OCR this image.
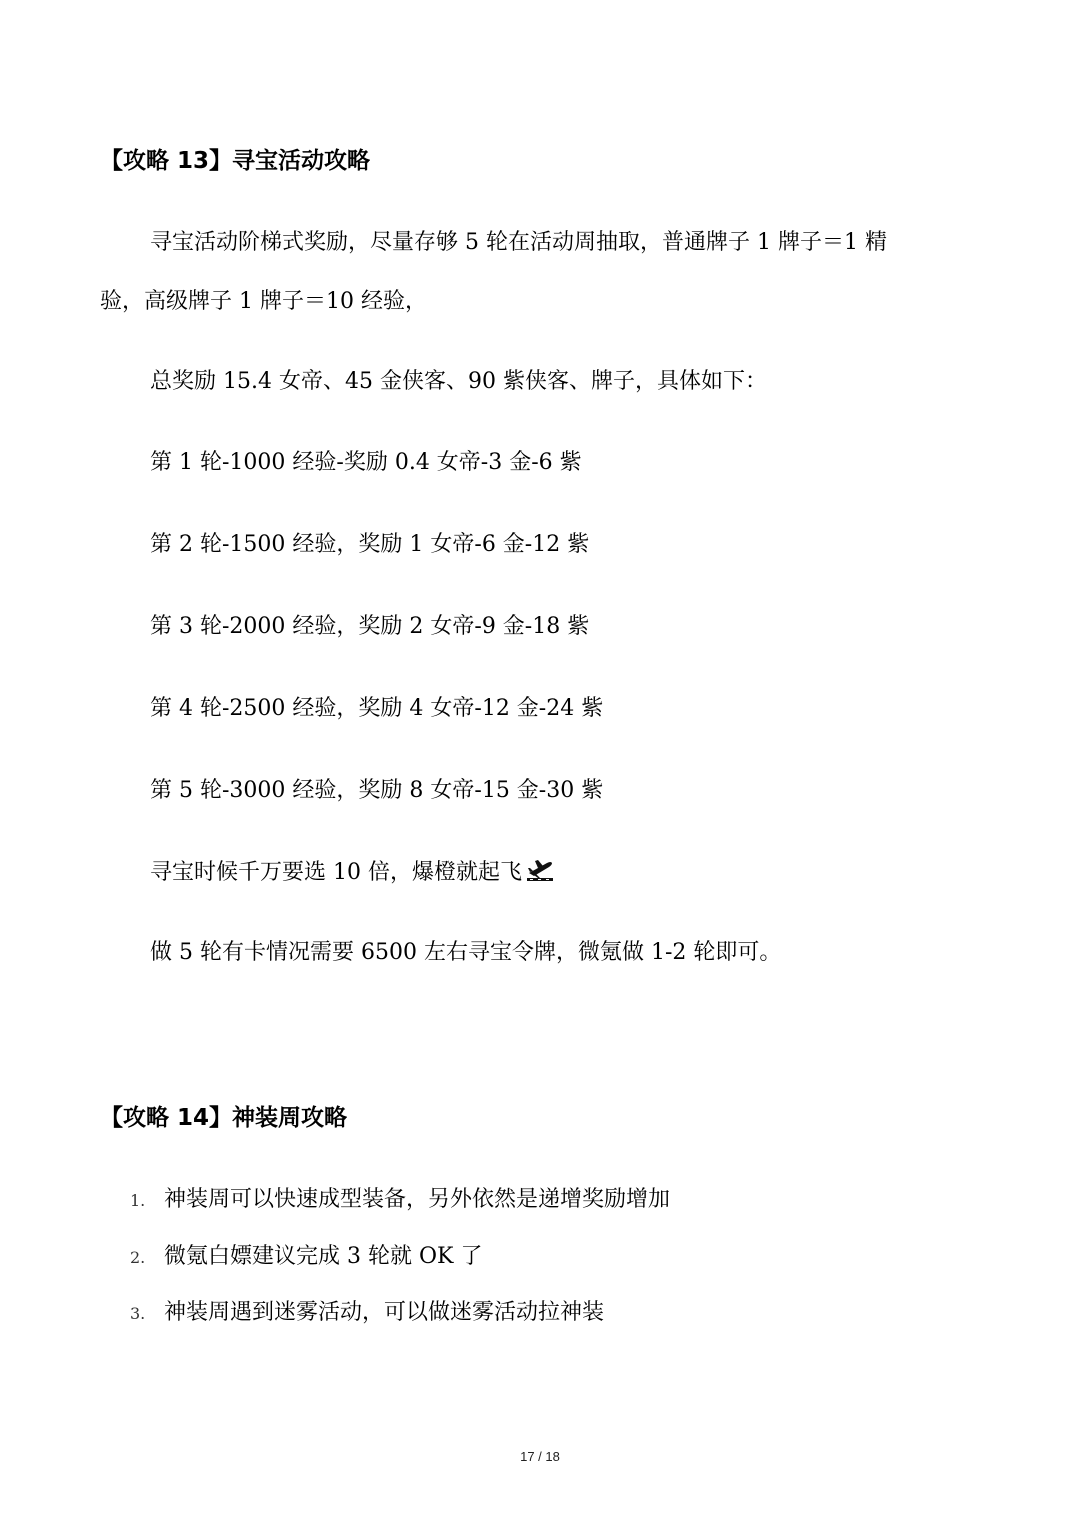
【攻略 13】寻宝活动攻略
寻宝活动阶梯式奖励，尽量存够 5 轮在活动周抽取，普通牌子 1 牌子＝1 精
验，高级牌子 1 牌子＝10 经验，
总奖励 15.4 女帝、45 金侠客、90 紫侠客、牌子，具体如下：
第 1 轮-1000 经验-奖励 0.4 女帝-3 金-6 紫
第 2 轮-1500 经验，奖励 1 女帝-6 金-12 紫
第 3 轮-2000 经验，奖励 2 女帝-9 金-18 紫
第 4 轮-2500 经验，奖励 4 女帝-12 金-24 紫
第 5 轮-3000 经验，奖励 8 女帝-15 金-30 紫
寻宝时候千万要选 10 倍，爆橙就起飞
做 5 轮有卡情况需要 6500 左右寻宝令牌，微氪做 1-2 轮即可。
【攻略 14】神装周攻略
1. 神装周可以快速成型装备，另外依然是递增奖励增加
2. 微氪白嫖建议完成 3 轮就 OK 了
3. 神装周遇到迷雾活动，可以做迷雾活动拉神装
17 / 18
